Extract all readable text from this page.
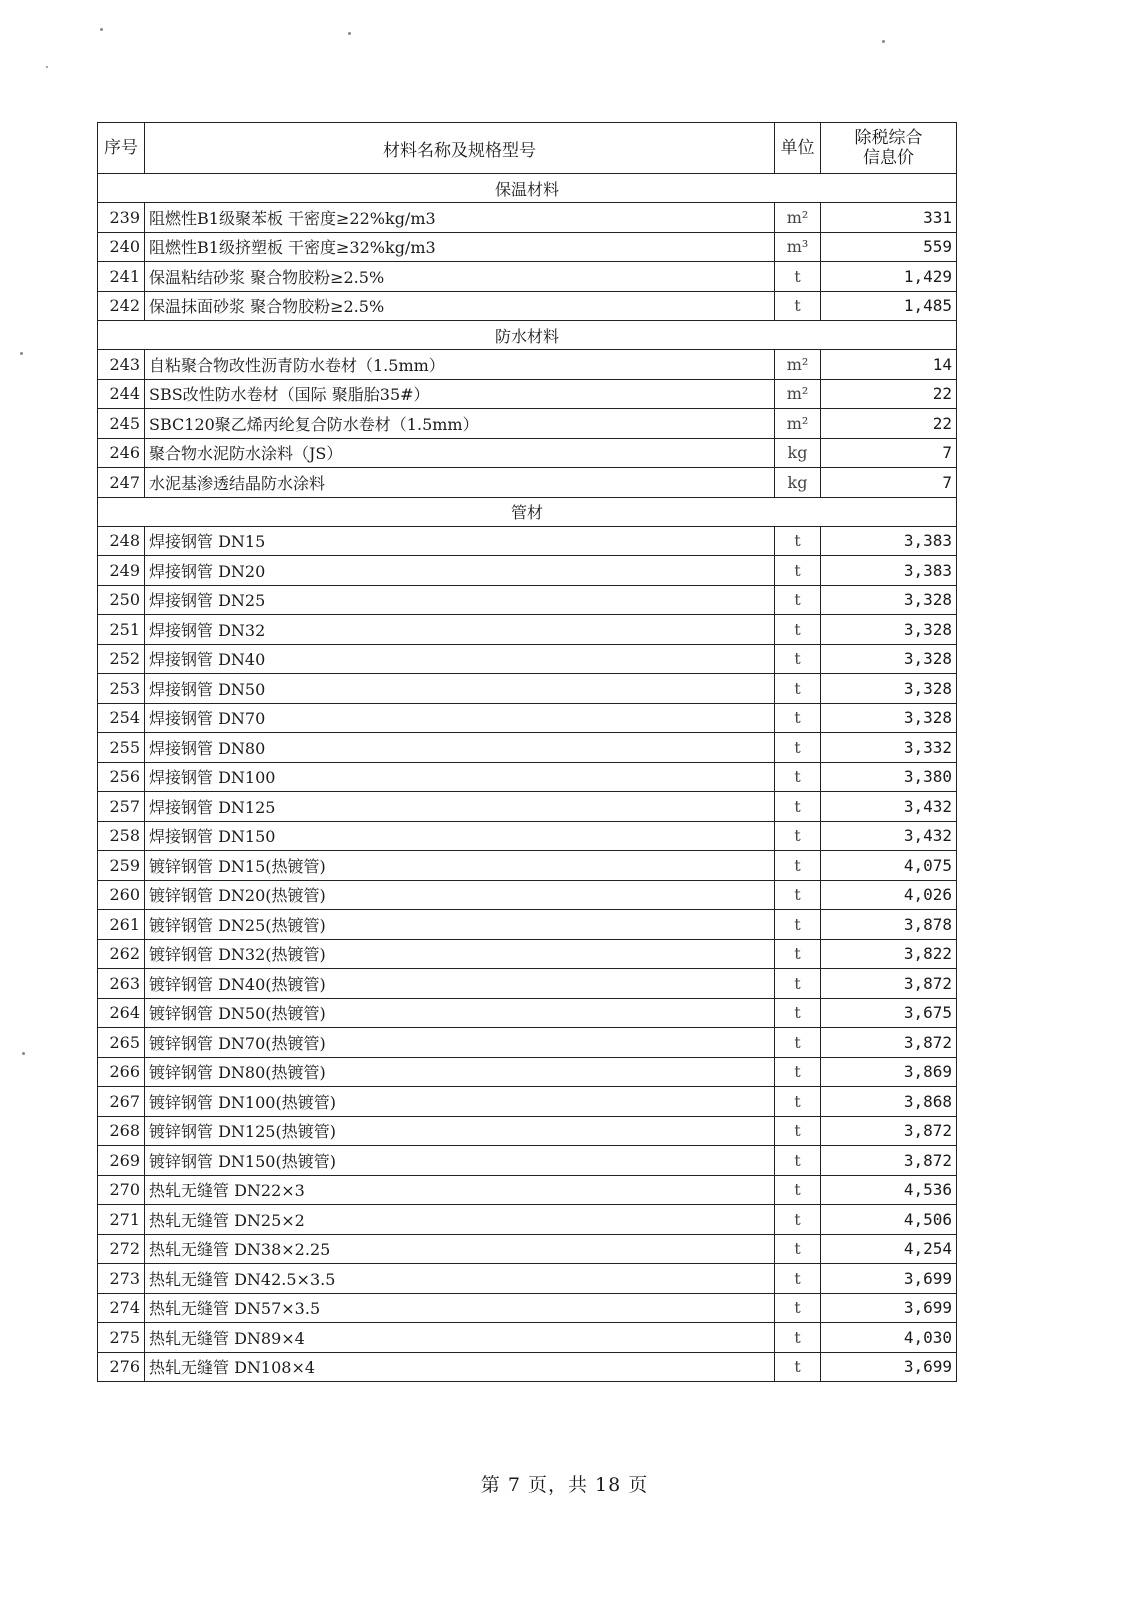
序号	材料名称及规格型号	单位	除税综合
信息价

保温材料			
239	阻燃性B1级聚苯板 干密度≥22%kg/m3	m²	331
240	阻燃性B1级挤塑板 干密度≥32%kg/m3	m³	559
241	保温粘结砂浆 聚合物胶粉≥2.5%	t	1,429
242	保温抹面砂浆 聚合物胶粉≥2.5%	t	1,485
防水材料			
243	自粘聚合物改性沥青防水卷材（1.5mm）	m²	14
244	SBS改性防水卷材（国际 聚脂胎35#）	m²	22
245	SBC120聚乙烯丙纶复合防水卷材（1.5mm）	m²	22
246	聚合物水泥防水涂料（JS）	kg	7
247	水泥基渗透结晶防水涂料	kg	7
管材			
248	焊接钢管 DN15	t	3,383
249	焊接钢管 DN20	t	3,383
250	焊接钢管 DN25	t	3,328
251	焊接钢管 DN32	t	3,328
252	焊接钢管 DN40	t	3,328
253	焊接钢管 DN50	t	3,328
254	焊接钢管 DN70	t	3,328
255	焊接钢管 DN80	t	3,332
256	焊接钢管 DN100	t	3,380
257	焊接钢管 DN125	t	3,432
258	焊接钢管 DN150	t	3,432
259	镀锌钢管 DN15(热镀管)	t	4,075
260	镀锌钢管 DN20(热镀管)	t	4,026
261	镀锌钢管 DN25(热镀管)	t	3,878
262	镀锌钢管 DN32(热镀管)	t	3,822
263	镀锌钢管 DN40(热镀管)	t	3,872
264	镀锌钢管 DN50(热镀管)	t	3,675
265	镀锌钢管 DN70(热镀管)	t	3,872
266	镀锌钢管 DN80(热镀管)	t	3,869
267	镀锌钢管 DN100(热镀管)	t	3,868
268	镀锌钢管 DN125(热镀管)	t	3,872
269	镀锌钢管 DN150(热镀管)	t	3,872
270	热轧无缝管 DN22×3	t	4,536
271	热轧无缝管 DN25×2	t	4,506
272	热轧无缝管 DN38×2.25	t	4,254
273	热轧无缝管 DN42.5×3.5	t	3,699
274	热轧无缝管 DN57×3.5	t	3,699
275	热轧无缝管 DN89×4	t	4,030
276	热轧无缝管 DN108×4	t	3,699
第 7 页，共 18 页
